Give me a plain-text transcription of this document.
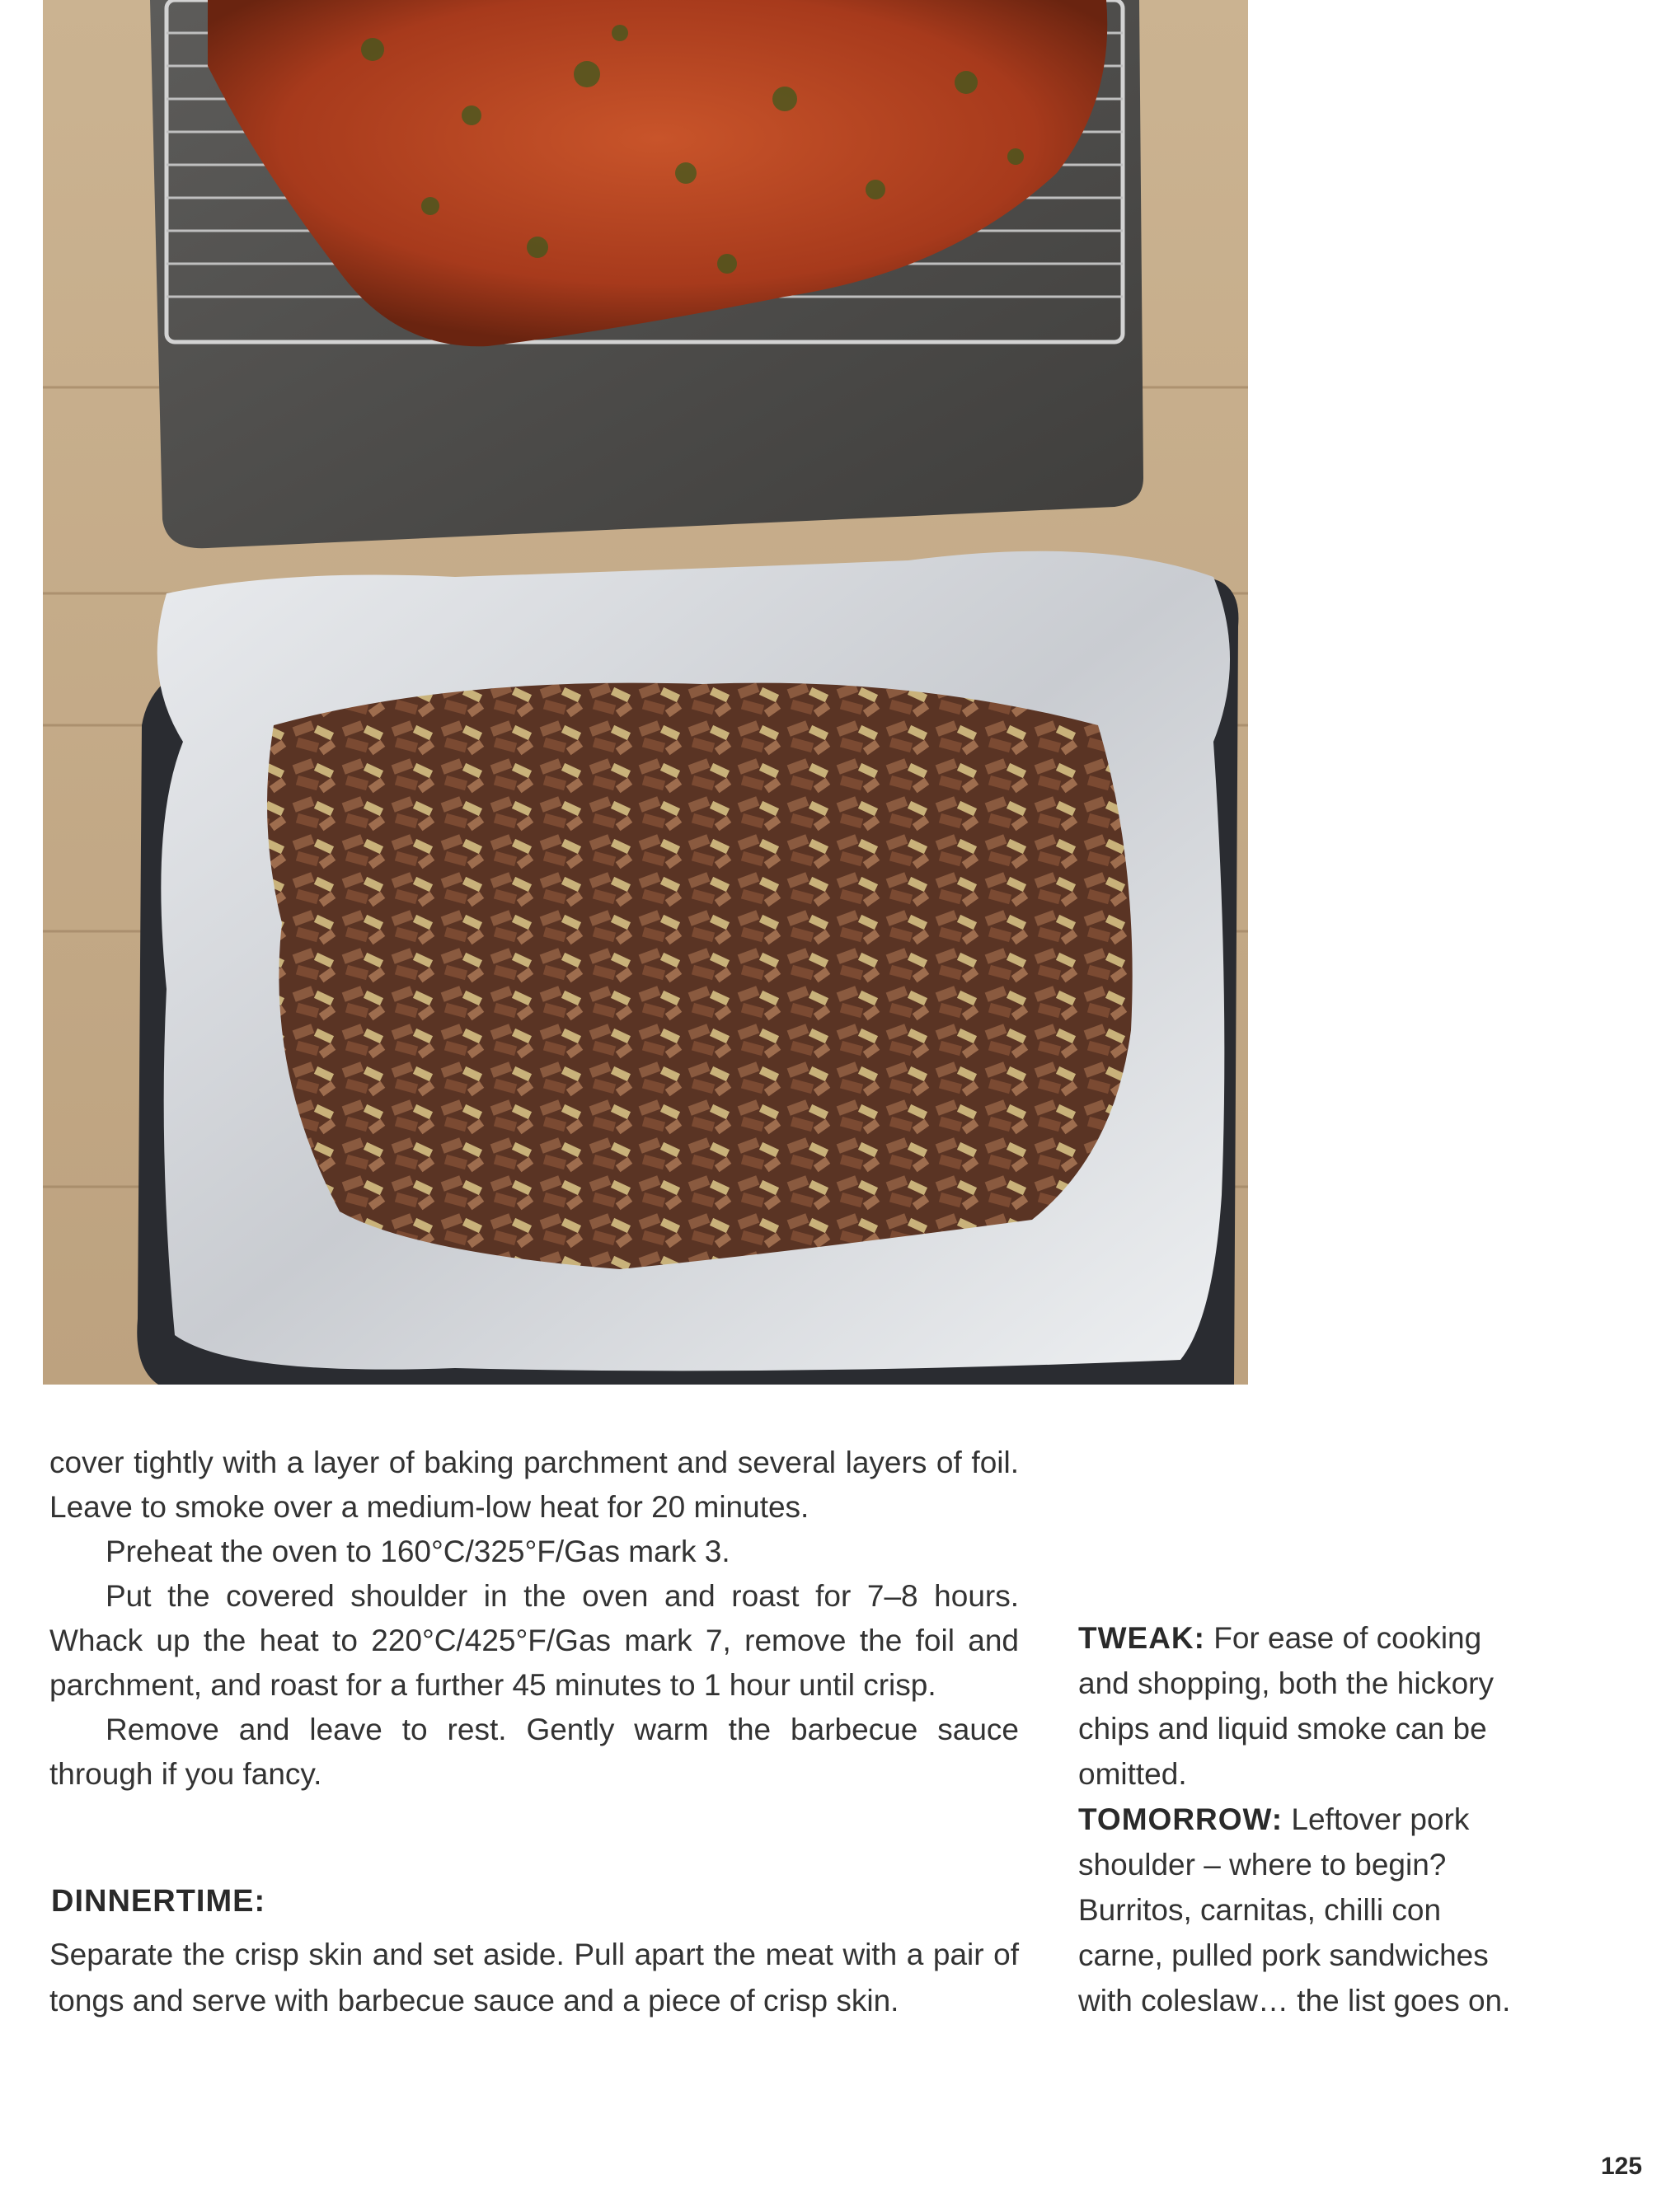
cover tightly with a layer of baking parchment and several layers of foil. Leave to smoke over a medium-low heat for 20 minutes.

Preheat the oven to 160°C/325°F/Gas mark 3.

Put the covered shoulder in the oven and roast for 7–8 hours. Whack up the heat to 220°C/425°F/Gas mark 7, remove the foil and parchment, and roast for a further 45 minutes to 1 hour until crisp.

Remove and leave to rest. Gently warm the barbecue sauce through if you fancy.

DINNERTIME:
Separate the crisp skin and set aside. Pull apart the meat with a pair of tongs and serve with barbecue sauce and a piece of crisp skin.

TWEAK: For ease of cooking and shopping, both the hickory chips and liquid smoke can be omitted.

TOMORROW: Leftover pork shoulder – where to begin? Burritos, carnitas, chilli con carne, pulled pork sandwiches with coleslaw… the list goes on.

125
